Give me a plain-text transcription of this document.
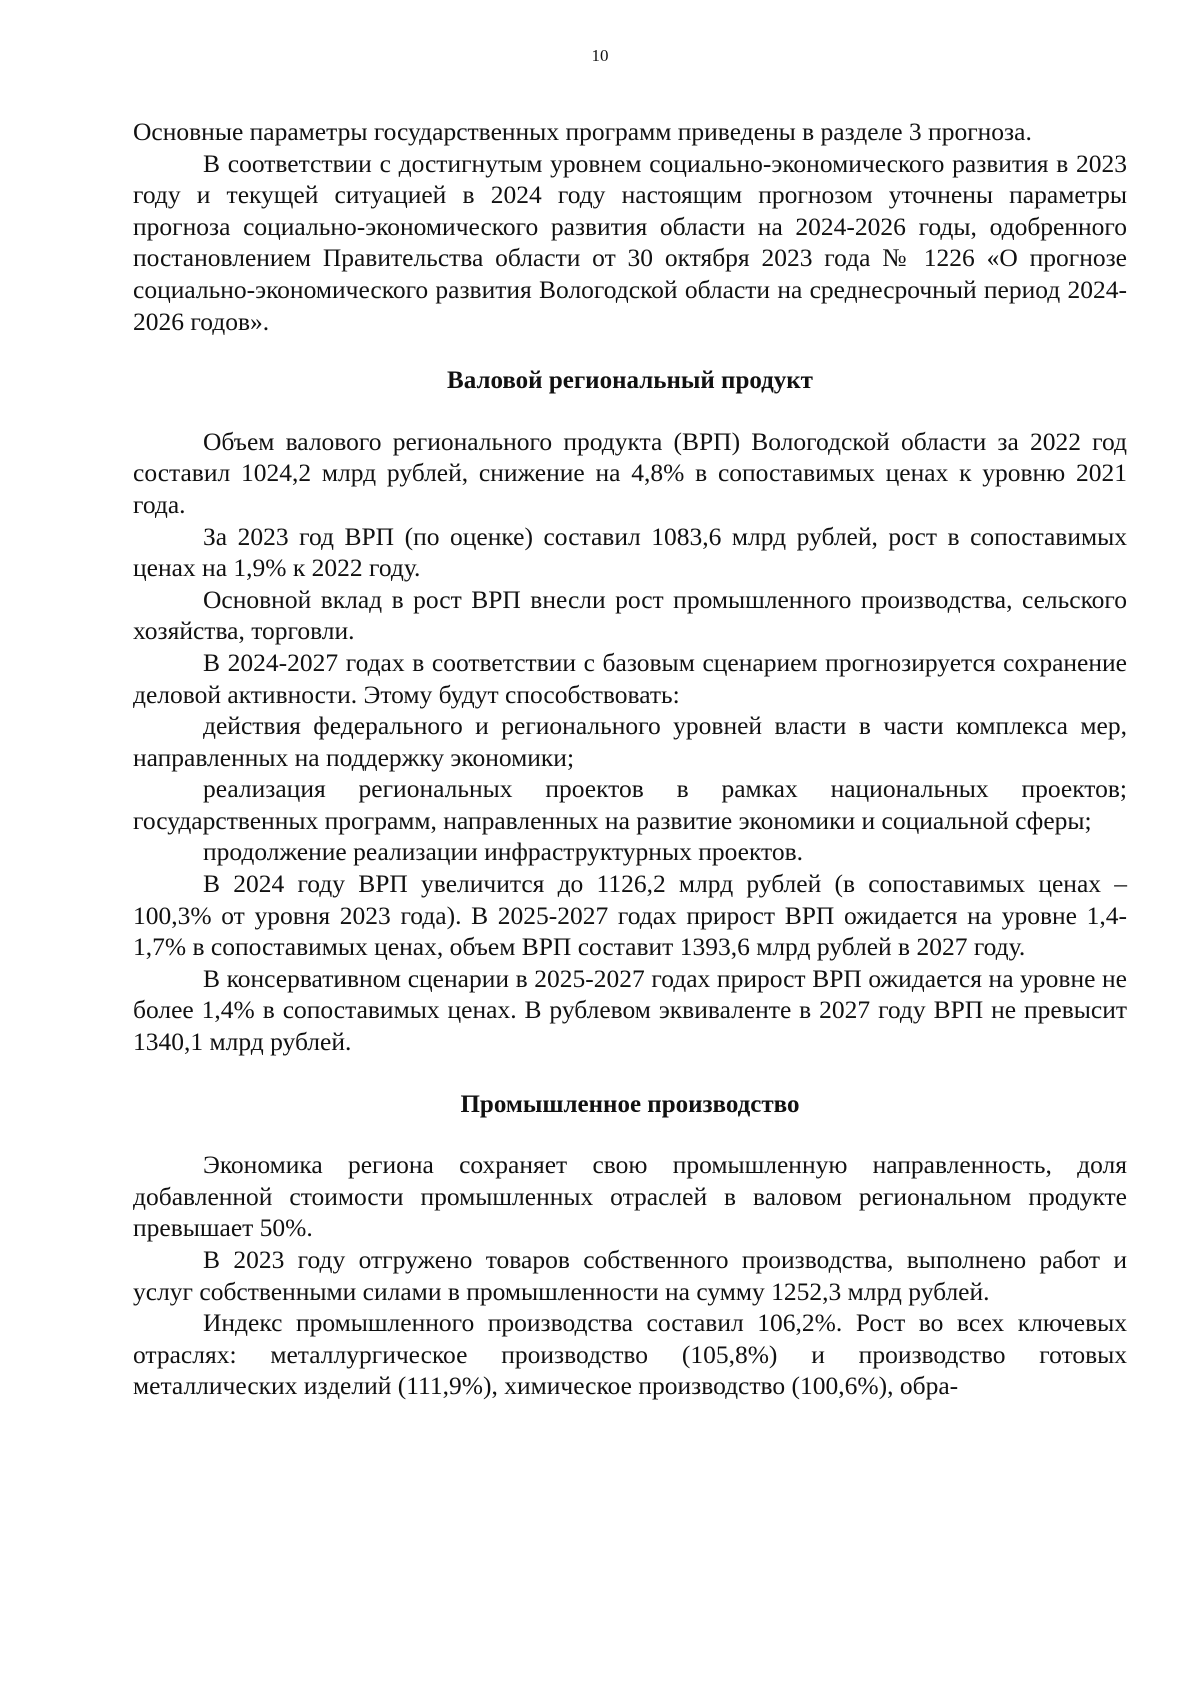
10

Основные параметры государственных программ приведены в разделе 3 прогноза.

В соответствии с достигнутым уровнем социально-экономического развития в 2023 году и текущей ситуацией в 2024 году настоящим прогнозом уточнены параметры прогноза социально-экономического развития области на 2024-2026 годы, одобренного постановлением Правительства области от 30 октября 2023 года № 1226 «О прогнозе социально-экономического развития Вологодской области на среднесрочный период 2024-2026 годов».

Валовой региональный продукт

Объем валового регионального продукта (ВРП) Вологодской области за 2022 год составил 1024,2 млрд рублей, снижение на 4,8% в сопоставимых ценах к уровню 2021 года.

За 2023 год ВРП (по оценке) составил 1083,6 млрд рублей, рост в сопоставимых ценах на 1,9% к 2022 году.

Основной вклад в рост ВРП внесли рост промышленного производства, сельского хозяйства, торговли.

В 2024-2027 годах в соответствии с базовым сценарием прогнозируется сохранение деловой активности. Этому будут способствовать:

действия федерального и регионального уровней власти в части комплекса мер, направленных на поддержку экономики;

реализация региональных проектов в рамках национальных проектов; государственных программ, направленных на развитие экономики и социальной сферы;

продолжение реализации инфраструктурных проектов.

В 2024 году ВРП увеличится до 1126,2 млрд рублей (в сопоставимых ценах – 100,3% от уровня 2023 года). В 2025-2027 годах прирост ВРП ожидается на уровне 1,4-1,7% в сопоставимых ценах, объем ВРП составит 1393,6 млрд рублей в 2027 году.

В консервативном сценарии в 2025-2027 годах прирост ВРП ожидается на уровне не более 1,4% в сопоставимых ценах. В рублевом эквиваленте в 2027 году ВРП не превысит 1340,1 млрд рублей.

Промышленное производство

Экономика региона сохраняет свою промышленную направленность, доля добавленной стоимости промышленных отраслей в валовом региональном продукте превышает 50%.

В 2023 году отгружено товаров собственного производства, выполнено работ и услуг собственными силами в промышленности на сумму 1252,3 млрд рублей.

Индекс промышленного производства составил 106,2%. Рост во всех ключевых отраслях: металлургическое производство (105,8%) и производство готовых металлических изделий (111,9%), химическое производство (100,6%), обра-
